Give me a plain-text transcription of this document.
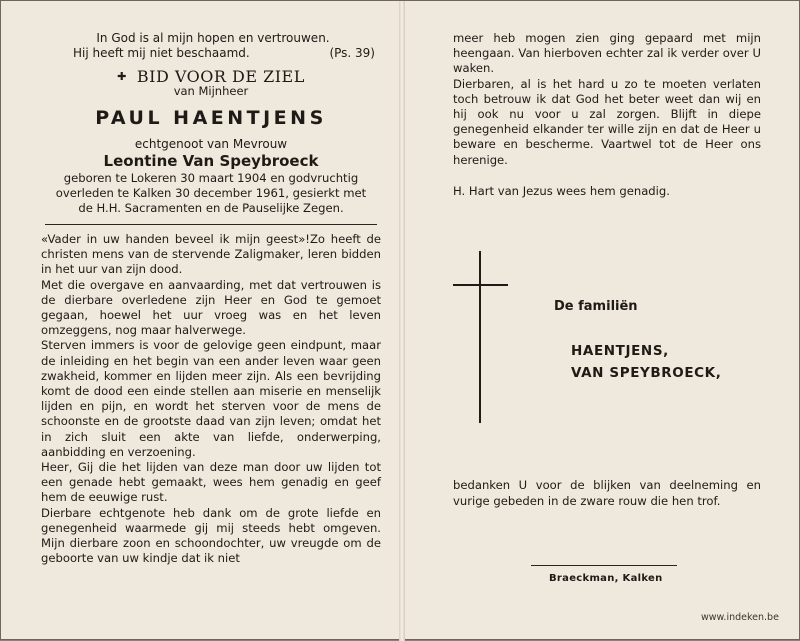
In God is al mijn hopen en vertrouwen.
Hij heeft mij niet beschaamd.	(Ps. 39)
✚ BID VOOR DE ZIEL
van Mijnheer
PAUL HAENTJENS
echtgenoot van Mevrouw
Leontine Van Speybroeck
geboren te Lokeren 30 maart 1904 en godvruchtig
overleden te Kalken 30 december 1961, gesierkt met
de H.H. Sacramenten en de Pauselijke Zegen.

«Vader in uw handen beveel ik mijn geest»!Zo heeft de christen mens van de stervende Zaligmaker, leren bidden in het uur van zijn dood.

Met die overgave en aanvaarding, met dat vertrouwen is de dierbare overledene zijn Heer en God te gemoet gegaan, hoewel het uur vroeg was en het leven omzeggens, nog maar halverwege.

Sterven immers is voor de gelovige geen eindpunt, maar de inleiding en het begin van een ander leven waar geen zwakheid, kommer en lijden meer zijn. Als een bevrijding komt de dood een einde stellen aan miserie en menselijk lijden en pijn, en wordt het sterven voor de mens de schoonste en de grootste daad van zijn leven; omdat het in zich sluit een akte van liefde, onderwerping, aanbidding en verzoening.

Heer, Gij die het lijden van deze man door uw lijden tot een genade hebt gemaakt, wees hem genadig en geef hem de eeuwige rust.

Dierbare echtgenote heb dank om de grote liefde en genegenheid waarmede gij mij steeds hebt omgeven. Mijn dierbare zoon en schoondochter, uw vreugde om de geboorte van uw kindje dat ik niet

meer heb mogen zien ging gepaard met mijn heengaan. Van hierboven echter zal ik verder over U waken.

Dierbaren, al is het hard u zo te moeten verlaten toch betrouw ik dat God het beter weet dan wij en hij ook nu voor u zal zorgen. Blijft in diepe genegenheid elkander ter wille zijn en dat de Heer u beware en bescherme. Vaartwel tot de Heer ons herenige.

H. Hart van Jezus wees hem genadig.

De familiën
HAENTJENS,
VAN SPEYBROECK,
bedanken U voor de blijken van deelneming en vurige gebeden in de zware rouw die hen trof.
Braeckman, Kalken
www.indeken.be
